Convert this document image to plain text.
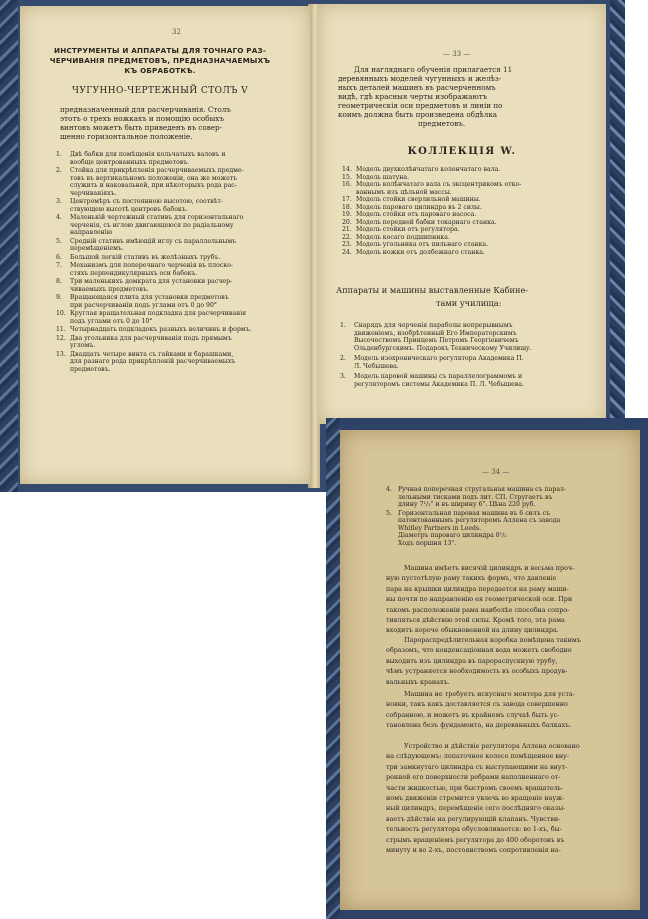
32
ИНСТРУМЕНТЫ И АППАРАТЫ ДЛЯ ТОЧНАГО РАЗ-
ЧЕРЧИВАНIЯ ПРЕДМЕТОВЪ, ПРЕДНАЗНАЧАЕМЫХЪ
КЪ ОБРАБОТКѢ.
ЧУГУННО-ЧЕРТЕЖНЫЙ СТОЛЪ V
предназначенный для расчерчиванiя. Столъ
этотъ о трехъ ножкахъ и помощiю особыхъ
винтовъ можетъ быть приведенъ въ совер-
шенно горизонтальное положенiе.
1. Двѣ бабки для помѣщенiя кольчатыхъ валовъ и
вообще центрованныхъ предметовъ.
2. Стойка для прикрѣпленiя расчерчиваемыхъ предме-
товъ въ вертикальномъ положенiи, она же можетъ
служить и наковальней, при нѣкоторыхъ рода рас-
черчиванiяхъ.
3. Центромѣръ съ постоянною высотою, соотвѣт-
ствующею высотѣ центровъ бабокъ.
4. Маленькiй чертежный стативъ для горизонтальнаго
черченiя, съ иглою двигающеюся по радiальному
направленiю
5. Средній стативъ имѣющiй иглу съ параллельнымъ
перемѣщенiемъ.
6. Большой легкiй стативъ въ желѣзныхъ трубъ.
7. Механизмъ для поперечнаго черченiя въ плоско-
стяхъ перпендикулярныхъ оси бабокъ.
8. Три маленькихъ домкрата для установки расчер-
чиваемыхъ предметовъ.
9. Вращающаяся плита для установки предметовъ
при расчерчиванiи подъ углами отъ 0 до 90°
10. Круглая вращательная подкладка для расчерчиванiя
подъ углами отъ 0 до 10°
11. Четырнадцать подкладокъ разныхъ величинъ и формъ.
12. Два угольника для расчерчиванiя подъ прямымъ
угломъ.
13. Двадцать четыре винта съ гайками и барашками,
для разнаго рода прикрѣпленiй расчерчиваемыхъ
предметовъ.
— 33 —
Для нагляднаго обученiя прилагается 11
деревянныхъ моделей чугунныхъ и желѣз-
ныхъ деталей машинъ въ расчерченномъ
видѣ, гдѣ красныя черты изображаютъ
геометрическiя оси предметовъ и линiи по
коимъ должна быть произведена обдѣлка
предметовъ.
КОЛЛЕКЦIЯ W.
14. Модель двухколѣнчатаго коленчатаго вала.
15. Модель шатуна.
16. Модель колѣнчатаго вала съ эксцентрикомъ отко-
ваннымъ изъ цѣльной массы.
17. Модель стойки сверлильной машины.
18. Модель пароваго цилиндра въ 2 силы.
19. Модель стойки отъ пароваго насоса.
20. Модель передней бабки токарнаго станка.
21. Модель стойки отъ регулятора.
22. Модель косаго подшипника.
23. Модель угольника отъ пильнаго станка.
24. Модель ножки отъ долбежнаго станка.
Аппараты и машины выставленные Кабине-
тами училища:
1. Снарядъ для черченiя параболы непрерывнымъ
движенiемъ, изобрѣтенный Его Императорскимъ
Высочествомъ Принцемъ Петромъ Георгiевичемъ
Ольденбургскимъ. Подарокъ Техническому Училищу.
2. Модель изохроническаго регулятора Академика П.
Л. Чебышева.
3. Модель паровой машины съ параллелограммомъ и
регуляторомъ системы Академика П. Л. Чебышева.
— 34 —
4. Ручная поперечная стругальная машина съ парал-
лельными тисками подъ лит. СП. Стругаетъ въ
длину 7¹/₂" и въ ширину 6". Цѣна 220 руб.
5. Горизонтальная паровая машина въ 6 силъ съ
патентованнымъ регуляторомъ Аллена съ завода
Whitley Partners in Leeds.
Дiаметръ пароваго цилиндра 8¹/₂
Ходъ поршня 13".
Машина имѣетъ висячiй цилиндръ и весьма проч-
ную пустотѣлую раму такихъ формъ, что давленiе
пара на крышки цилиндра передается на раму маши-
ны почти по направленiю ея геометрической оси. При
такомъ расположенiи рама наиболѣе способна сопро-
тивляться дѣйствiю этой силы. Кромѣ того, эта рама
входитъ короче обыкновенной на длину цилиндра.
Парораспредѣлительная коробка помѣщена такимъ
образомъ, что конденсацiонная вода можетъ свободно
выходить изъ цилиндра въ парораспускную трубу,
чѣмъ устраняется необходимость въ особыхъ продув-
вальныхъ кранахъ.
Машина не требуетъ искуснаго монтера для уста-
новки, такъ какъ доставляется съ завода совершенно
собранною, и можетъ въ крайнемъ случаѣ быть ус-
тановлена безъ фундамента, на деревянныхъ балкахъ.
Устройство и дѣйствiе регулятора Аллена основано
на слѣдующемъ: лопаточное колесо помѣщенное вну-
три замкнутаго цилиндра съ выступающими на внут-
ренней его поверхности ребрами наполненнаго от-
части жидкостью, при быстромъ своемъ вращатель-
номъ движенiи стремится увлечь во вращенiе науж-
ный цилиндръ, перемѣщенiе сего послѣдняго оказы-
ваетъ дѣйствiе на регулирующiй клапанъ. Чувстви-
тельность регулятора обусловливается: во 1-хъ, бы-
стрымъ вращенiемъ регулятора до 400 оборотовъ въ
минуту и во 2-хъ, постоянствомъ сопротивленiя на-
